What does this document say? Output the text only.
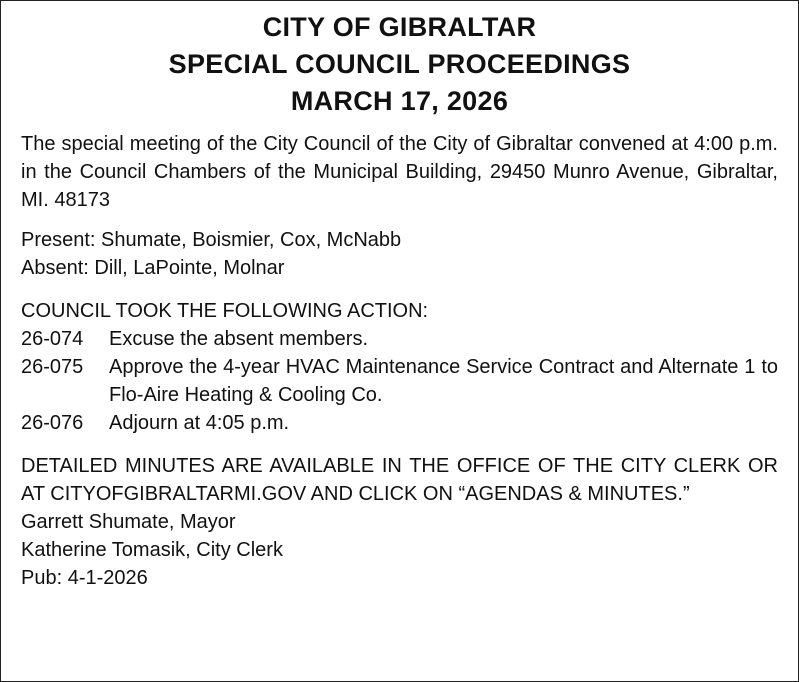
CITY OF GIBRALTAR
SPECIAL COUNCIL PROCEEDINGS
MARCH 17, 2026
The special meeting of the City Council of the City of Gibraltar convened at 4:00 p.m. in the Council Chambers of the Municipal Building, 29450 Munro Avenue, Gibraltar, MI. 48173

Present: Shumate, Boismier, Cox, McNabb

Absent: Dill, LaPointe, Molnar

COUNCIL TOOK THE FOLLOWING ACTION:

26-074	Excuse the absent members.
26-075	Approve the 4-year HVAC Maintenance Service Contract and Alternate 1 to Flo-Aire Heating & Cooling Co.
26-076	Adjourn at 4:05 p.m.

DETAILED MINUTES ARE AVAILABLE IN THE OFFICE OF THE CITY CLERK OR AT CITYOFGIBRALTARMI.GOV AND CLICK ON “AGENDAS & MINUTES.”

Garrett Shumate, Mayor

Katherine Tomasik, City Clerk

Pub: 4-1-2026
